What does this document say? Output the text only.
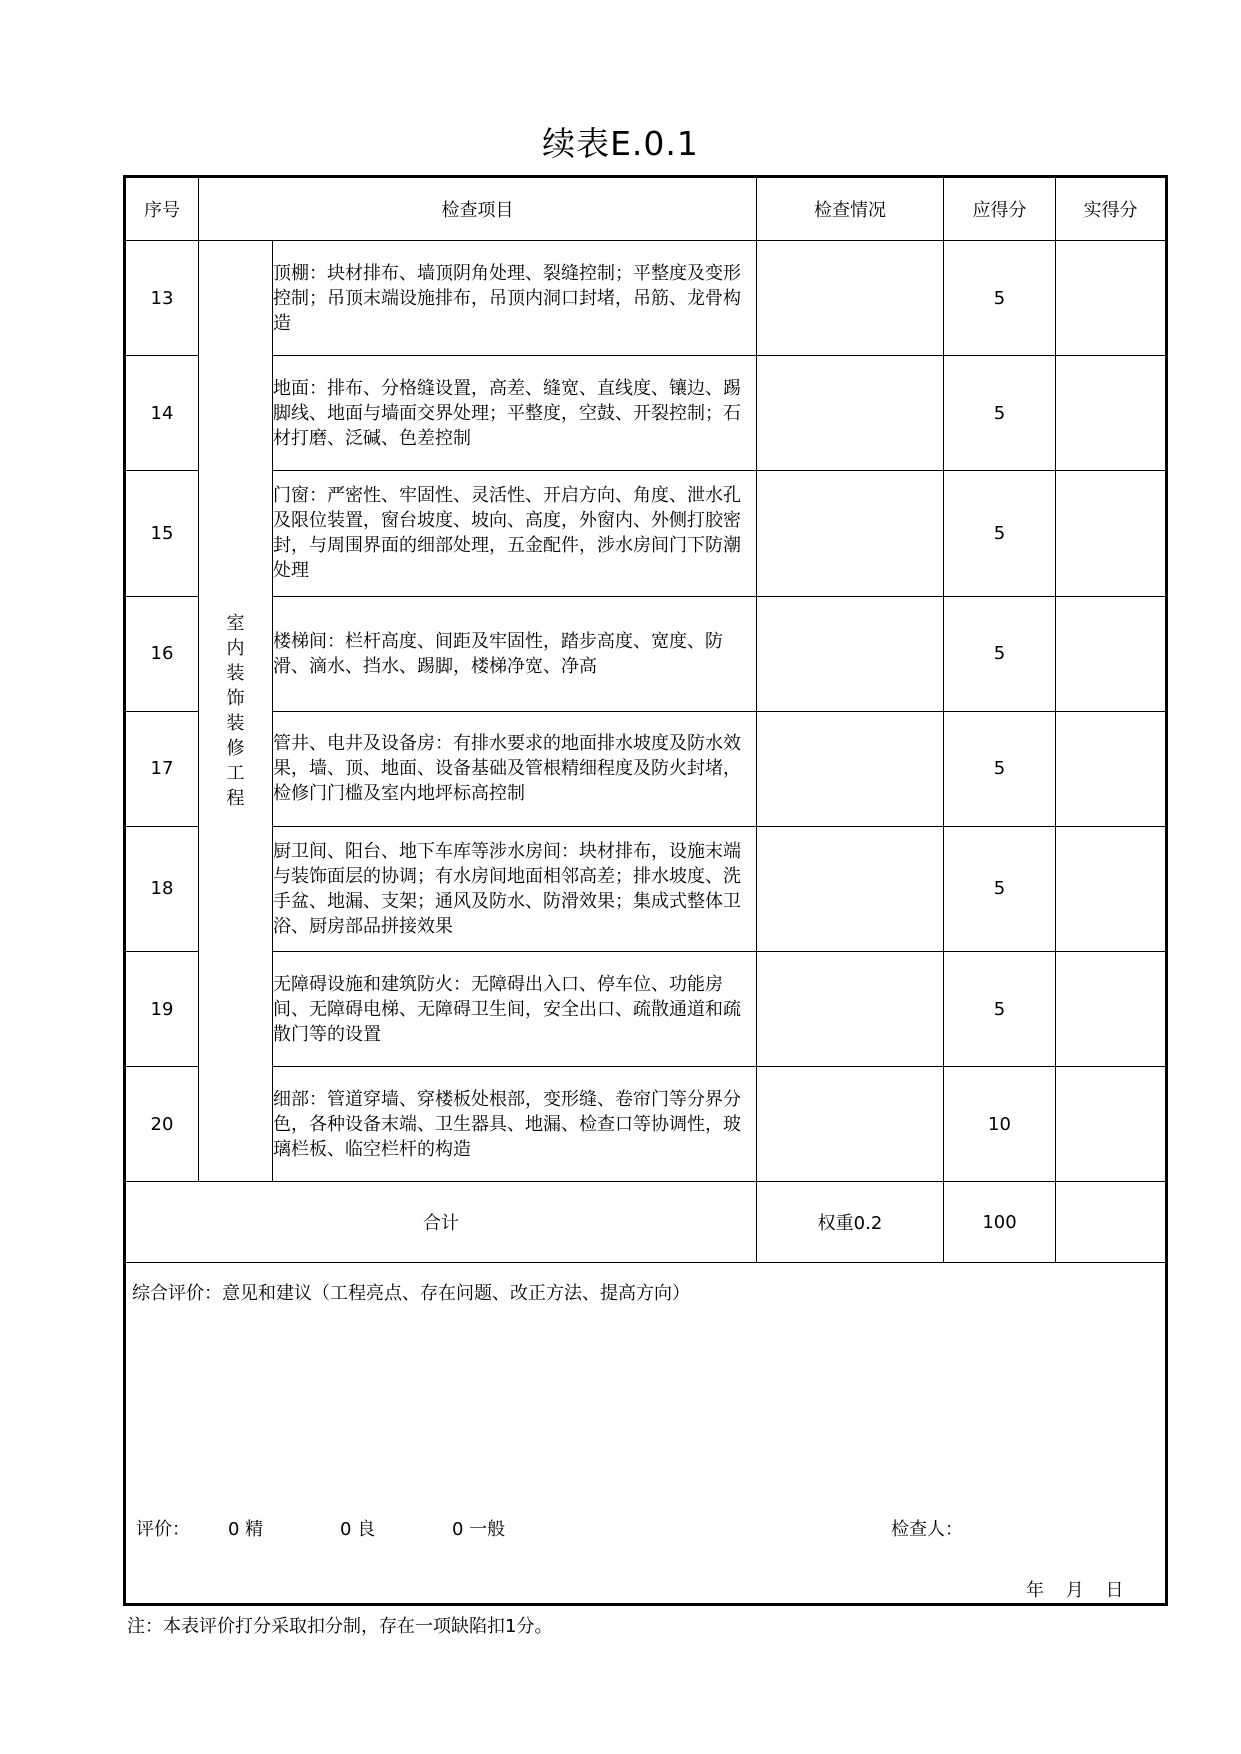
续表E.0.1
序号	检查项目		检查情况	应得分	实得分
13	室内装饰装修工程	顶棚：块材排布、墙顶阴角处理、裂缝控制；平整度及变形控制；吊顶末端设施排布，吊顶内洞口封堵，吊筋、龙骨构造		5	
14		地面：排布、分格缝设置，高差、缝宽、直线度、镶边、踢脚线、地面与墙面交界处理；平整度，空鼓、开裂控制；石材打磨、泛碱、色差控制		5	
15		门窗：严密性、牢固性、灵活性、开启方向、角度、泄水孔及限位装置，窗台坡度、坡向、高度，外窗内、外侧打胶密封，与周围界面的细部处理，五金配件，涉水房间门下防潮处理		5	
16		楼梯间：栏杆高度、间距及牢固性，踏步高度、宽度、防滑、滴水、挡水、踢脚，楼梯净宽、净高		5	
17		管井、电井及设备房：有排水要求的地面排水坡度及防水效果，墙、顶、地面、设备基础及管根精细程度及防火封堵，检修门门槛及室内地坪标高控制		5	
18		厨卫间、阳台、地下车库等涉水房间：块材排布，设施末端与装饰面层的协调；有水房间地面相邻高差；排水坡度、洗手盆、地漏、支架；通风及防水、防滑效果；集成式整体卫浴、厨房部品拼接效果		5	
19		无障碍设施和建筑防火：无障碍出入口、停车位、功能房间、无障碍电梯、无障碍卫生间，安全出口、疏散通道和疏散门等的设置		5	
20		细部：管道穿墙、穿楼板处根部，变形缝、卷帘门等分界分色，各种设备末端、卫生器具、地漏、检查口等协调性，玻璃栏板、临空栏杆的构造		10	
合计			权重0.2	100	

综合评价：意见和建议（工程亮点、存在问题、改正方法、提高方向）
评价： 0 精 0 良 0 一般 检查人：
年 月 日					
注：本表评价打分采取扣分制，存在一项缺陷扣1分。
